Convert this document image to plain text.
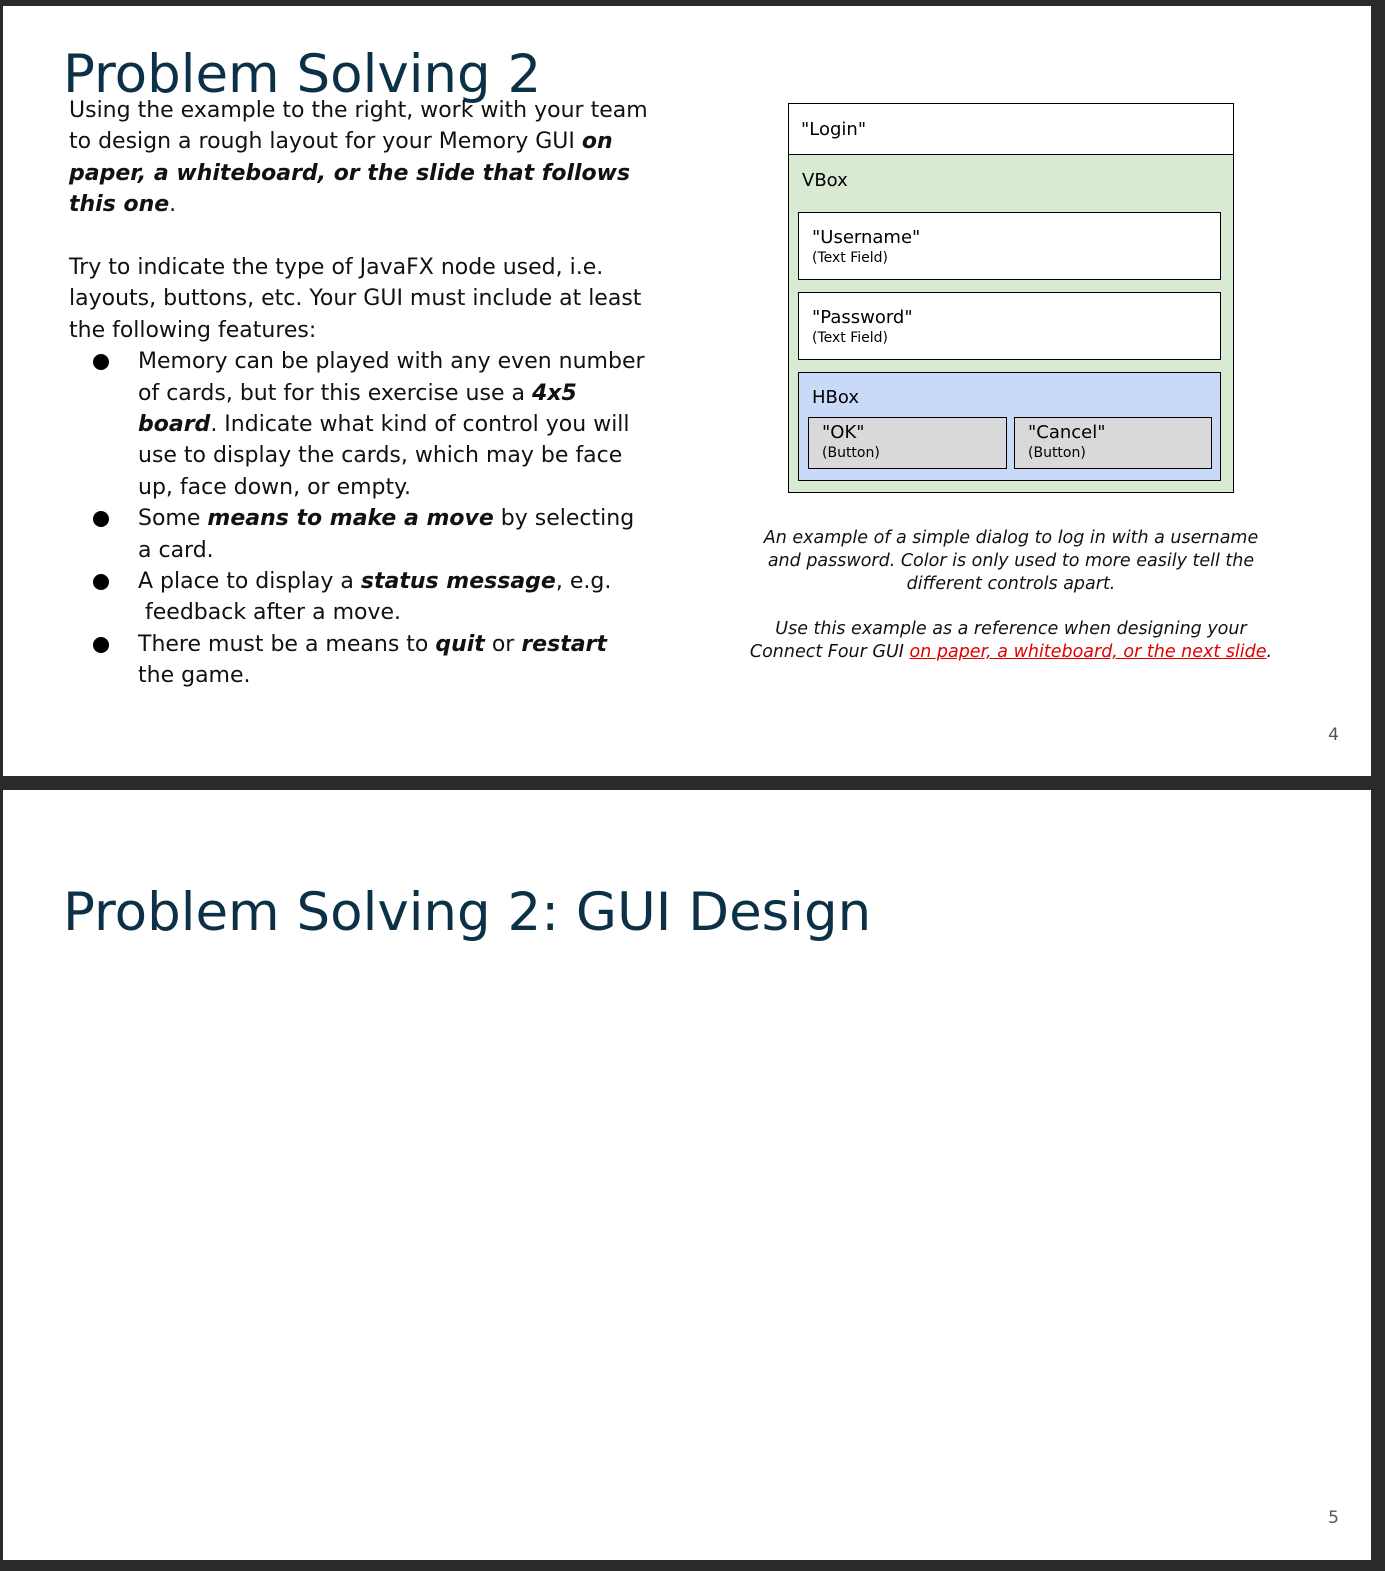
Problem Solving 2

Using the example to the right, work with your team to design a rough layout for your Memory GUI on paper, a whiteboard, or the slide that follows this one.

Try to indicate the type of JavaFX node used, i.e. layouts, buttons, etc. Your GUI must include at least the following features:

Memory can be played with any even number of cards, but for this exercise use a 4x5 board. Indicate what kind of control you will use to display the cards, which may be face up, face down, or empty.
Some means to make a move by selecting a card.
A place to display a status message, e.g.
feedback after a move.
There must be a means to quit or restart the game.
"Login"
VBox
"Username"
(Text Field)
"Password"
(Text Field)
HBox
"OK"
(Button)
"Cancel"
(Button)

An example of a simple dialog to log in with a username and password. Color is only used to more easily tell the different controls apart.

Use this example as a reference when designing your Connect Four GUI on paper, a whiteboard, or the next slide.

4
Problem Solving 2: GUI Design
5
